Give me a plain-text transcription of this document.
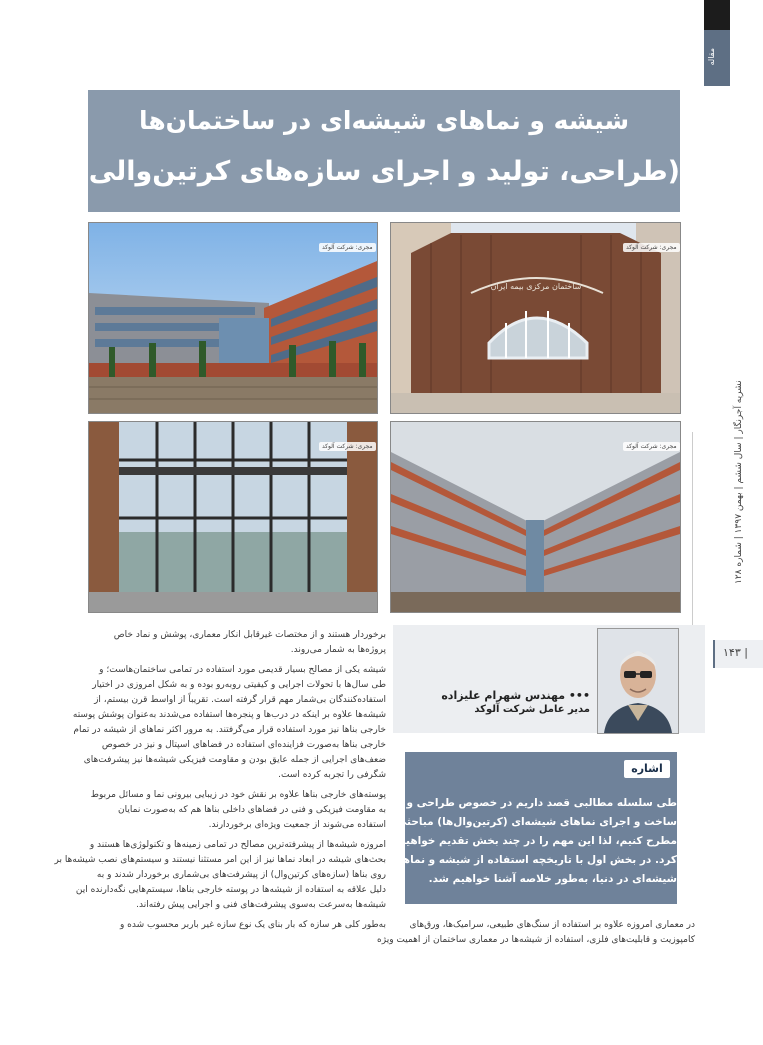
مقاله
شیشه و نماهای شیشه‌ای در ساختمان‌ها
(طراحی، تولید و اجرای سازه‌های کرتین‌والی)
مجری: شرکت آلوکد
ساختمان مرکزی بیمه ایران
مجری: شرکت آلوکد
مجری: شرکت آلوکد	مجری: شرکت آلوکد
نشریه آجرنگار | سال ششم | بهمن ۱۳۹۷ | شماره ۱۲۸
۱۴۳ |
••• مهندس شهرام علیزاده
مدیر عامل شرکت آلوکد
اشاره
طی سلسله مطالبی قصد داریم در خصوص طراحی و
ساخت و اجرای نماهای شیشه‌ای (کرتین‌وال‌ها) مباحثی را
مطرح کنیم، لذا این مهم را در چند بخش تقدیم خواهیم
کرد. در بخش اول با تاریخچه استفاده از شیشه و نماهای
شیشه‌ای در دنیا، به‌طور خلاصه آشنا خواهیم شد.
برخوردار هستند و از مختصات غیرقابل انکار معماری، پوشش و نماد خاص
پروژه‌ها به شمار می‌روند.
شیشه یکی از مصالح بسیار قدیمی مورد استفاده در تمامی ساختمان‌هاست؛ و
طی سال‌ها با تحولات اجرایی و کیفیتی روبه‌رو بوده و به شکل امروزی در اختیار
استفاده‌کنندگان بی‌شمار مهم قرار گرفته است. تقریباً از اواسط قرن بیستم، از
شیشه‌ها علاوه بر اینکه در درب‌ها و پنجره‌ها استفاده می‌شدند به‌عنوان پوشش پوسته
خارجی بناها نیز مورد استفاده قرار می‌گرفتند. به مرور اکثر نماهای از شیشه در تمام
خارجی بناها به‌صورت فزاینده‌ای استفاده در فضاهای اسپتال و نیز در خصوص
ضعف‌های اجرایی از جمله عایق بودن و مقاومت فیزیکی شیشه‌ها نیز پیشرفت‌های
شگرفی را تجربه کرده است.
پوسته‌های خارجی بناها علاوه بر نقش خود در زیبایی بیرونی نما و مسائل مربوط
به مقاومت فیزیکی و فنی در فضاهای داخلی بناها هم که به‌صورت نمایان
استفاده می‌شوند از جمعیت ویژه‌ای برخوردارند.
امروزه شیشه‌ها از پیشرفته‌ترین مصالح در تمامی زمینه‌ها و تکنولوژی‌ها هستند و
بحث‌های شیشه در ابعاد نماها نیز از این امر مستثنا نیستند و سیستم‌های نصب شیشه‌ها بر
روی بناها (سازه‌های کرتین‌وال) از پیشرفت‌های بی‌شماری برخوردار شدند و به
دلیل علاقه به استفاده از شیشه‌ها در پوسته خارجی بناها، سیستم‌هایی نگه‌دارنده این
شیشه‌ها به‌سرعت به‌سوی پیشرفت‌های فنی و اجرایی پیش رفته‌اند.
به‌طور کلی هر سازه که بار بنای یک نوع سازه غیر باربر محسوب شده و	در معماری امروزه علاوه بر استفاده از سنگ‌های طبیعی، سرامیک‌ها، ورق‌های
کامپوزیت و قابلیت‌های فلزی، استفاده از شیشه‌ها در معماری ساختمان از اهمیت ویژه
